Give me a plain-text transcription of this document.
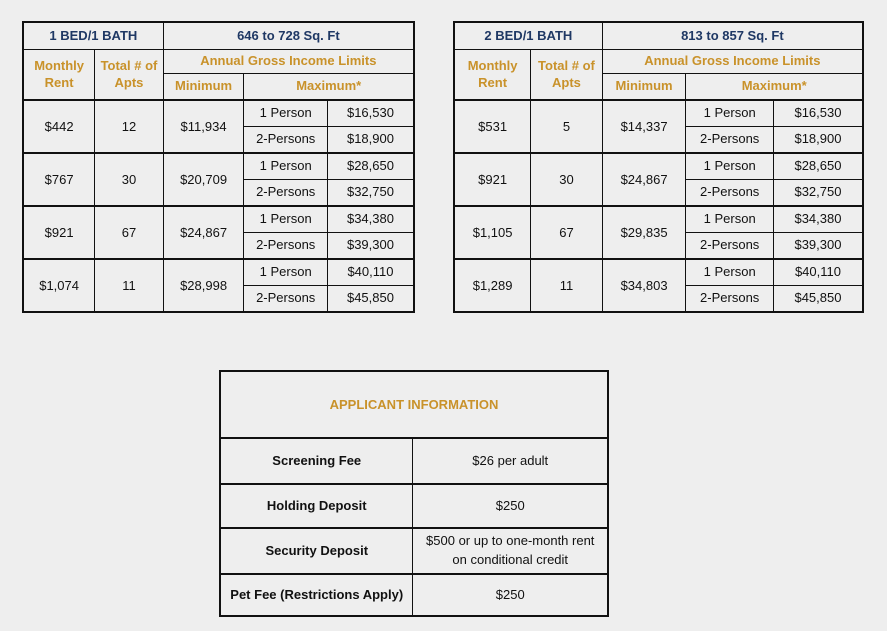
1 BED/1 BATH		646 to 728 Sq. Ft		
Monthly Rent	Total # of Apts	Annual Gross Income Limits		
		Minimum	Maximum*	
$442	12	$11,934	1 Person	$16,530
			2-Persons	$18,900
$767	30	$20,709	1 Person	$28,650
			2-Persons	$32,750
$921	67	$24,867	1 Person	$34,380
			2-Persons	$39,300
$1,074	11	$28,998	1 Person	$40,110
			2-Persons	$45,850
2 BED/1 BATH		813 to 857 Sq. Ft		
Monthly Rent	Total # of Apts	Annual Gross Income Limits		
		Minimum	Maximum*	
$531	5	$14,337	1 Person	$16,530
			2-Persons	$18,900
$921	30	$24,867	1 Person	$28,650
			2-Persons	$32,750
$1,105	67	$29,835	1 Person	$34,380
			2-Persons	$39,300
$1,289	11	$34,803	1 Person	$40,110
			2-Persons	$45,850
APPLICANT INFORMATION	
Screening Fee	$26 per adult
Holding Deposit	$250
Security Deposit	$500 or up to one-month rent on conditional credit
Pet Fee (Restrictions Apply)	$250
